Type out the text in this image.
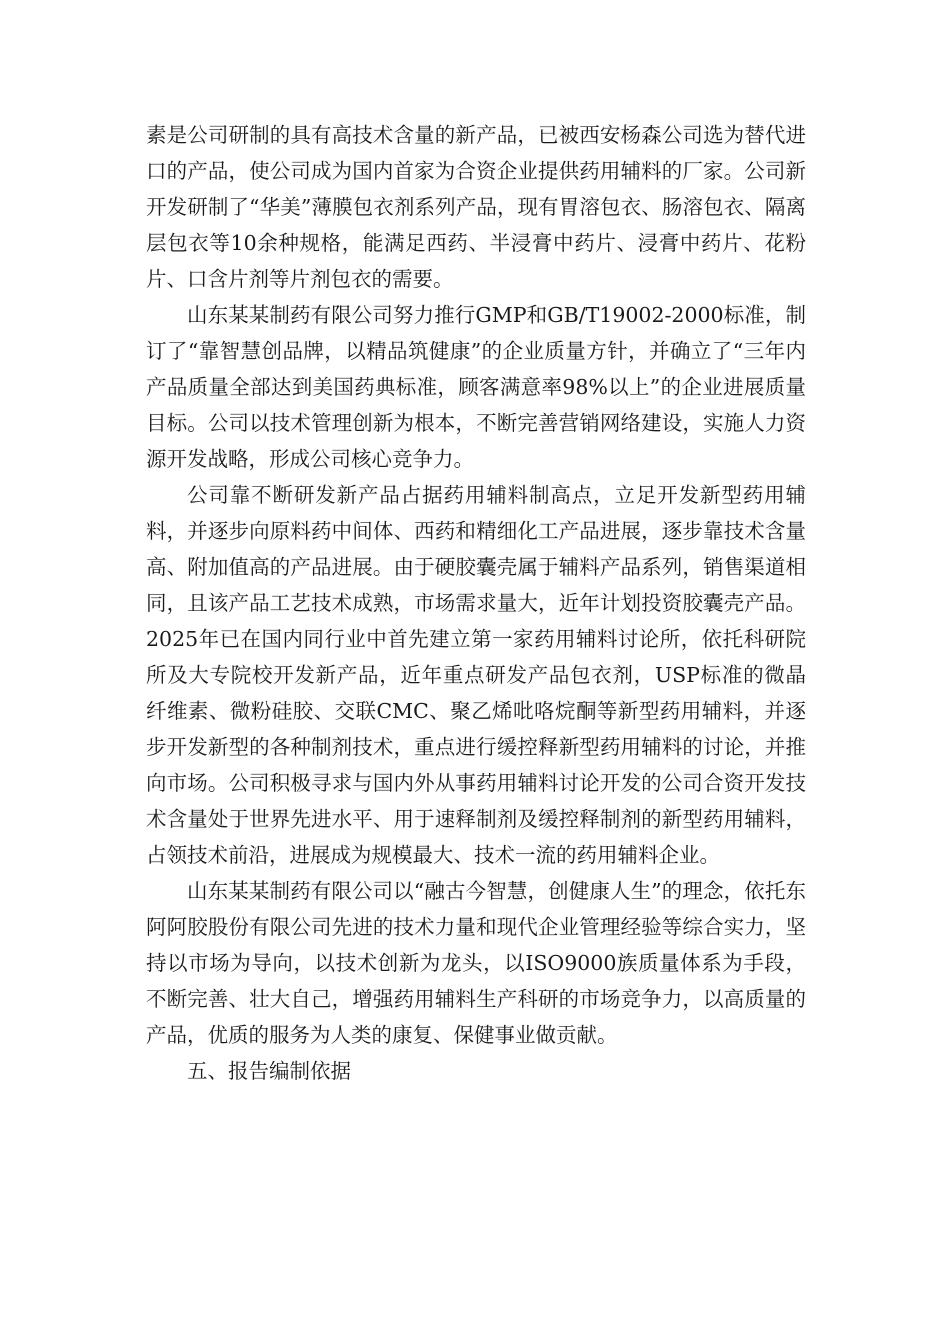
素是公司研制的具有高技术含量的新产品，已被西安杨森公司选为替代进口的产品，使公司成为国内首家为合资企业提供药用辅料的厂家。公司新开发研制了“华美”薄膜包衣剂系列产品，现有胃溶包衣、肠溶包衣、隔离层包衣等10余种规格，能满足西药、半浸膏中药片、浸膏中药片、花粉片、口含片剂等片剂包衣的需要。

山东某某制药有限公司努力推行GMP和GB/T19002-2000标准，制订了“靠智慧创品牌，以精品筑健康”的企业质量方针，并确立了“三年内产品质量全部达到美国药典标准，顾客满意率98%以上”的企业进展质量目标。公司以技术管理创新为根本，不断完善营销网络建设，实施人力资源开发战略，形成公司核心竞争力。

公司靠不断研发新产品占据药用辅料制高点，立足开发新型药用辅料，并逐步向原料药中间体、西药和精细化工产品进展，逐步靠技术含量高、附加值高的产品进展。由于硬胶囊壳属于辅料产品系列，销售渠道相同，且该产品工艺技术成熟，市场需求量大，近年计划投资胶囊壳产品。2025年已在国内同行业中首先建立第一家药用辅料讨论所，依托科研院所及大专院校开发新产品，近年重点研发产品包衣剂，USP标准的微晶纤维素、微粉硅胶、交联CMC、聚乙烯吡咯烷酮等新型药用辅料，并逐步开发新型的各种制剂技术，重点进行缓控释新型药用辅料的讨论，并推向市场。公司积极寻求与国内外从事药用辅料讨论开发的公司合资开发技术含量处于世界先进水平、用于速释制剂及缓控释制剂的新型药用辅料，占领技术前沿，进展成为规模最大、技术一流的药用辅料企业。

山东某某制药有限公司以“融古今智慧，创健康人生”的理念，依托东阿阿胶股份有限公司先进的技术力量和现代企业管理经验等综合实力，坚持以市场为导向，以技术创新为龙头，以ISO9000族质量体系为手段，不断完善、壮大自己，增强药用辅料生产科研的市场竞争力，以高质量的产品，优质的服务为人类的康复、保健事业做贡献。

五、报告编制依据
